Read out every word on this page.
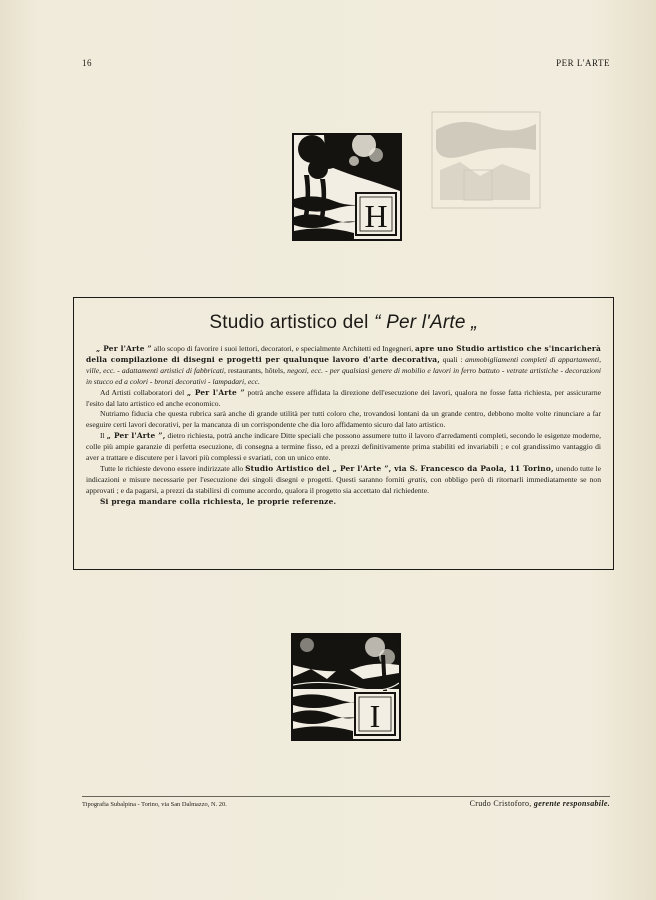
16	PER L'ARTE
H
Studio artistico del “ Per l'Arte „

„ Per l'Arte ” allo scopo di favorire i suoi lettori, decoratori, e specialmente Architetti ed Ingegneri, apre uno Studio artistico che s'incaricherà della compilazione di disegni e progetti per qualunque lavoro d'arte decorativa, quali : ammobigliamenti completi di appartamenti, ville, ecc. - adattamenti artistici di fabbricati, restaurants, hôtels, negozi, ecc. - per qualsiasi genere di mobilio e lavori in ferro battuto - vetrate artistiche - decorazioni in stucco ed a colori - bronzi decorativi - lampadari, ecc.

Ad Artisti collaboratori del „ Per l'Arte ” potrà anche essere affidata la direzione dell'esecuzione dei lavori, qualora ne fosse fatta richiesta, per assicurarne l'esito dal lato artistico ed anche economico.

Nutriamo fiducia che questa rubrica sarà anche di grande utilità per tutti coloro che, trovandosi lontani da un grande centro, debbono molte volte rinunciare a far eseguire certi lavori decorativi, per la mancanza di un corrispondente che dia loro affidamento sicuro dal lato artistico.

Il „ Per l'Arte ”, dietro richiesta, potrà anche indicare Ditte speciali che possono assumere tutto il lavoro d'arredamenti completi, secondo le esigenze moderne, colle più ampie garanzie di perfetta esecuzione, di consegna a termine fisso, ed a prezzi definitivamente prima stabiliti ed invariabili ; e col grandissimo vantaggio di aver a trattare e discutere per i lavori più complessi e svariati, con un unico ente.

Tutte le richieste devono essere indirizzate allo Studio Artistico del „ Per l'Arte ”, via S. Francesco da Paola, 11 Torino, unendo tutte le indicazioni e misure necessarie per l'esecuzione dei singoli disegni e progetti. Questi saranno forniti gratis, con obbligo però di ritornarli immediatamente se non approvati ; e da pagarsi, a prezzi da stabilirsi di comune accordo, qualora il progetto sia accettato dal richiedente.

Si prega mandare colla richiesta, le proprie referenze.

I
Tipografia Subalpina - Torino, via San Dalmazzo, N. 20.	Crudo Cristoforo, gerente responsabile.
